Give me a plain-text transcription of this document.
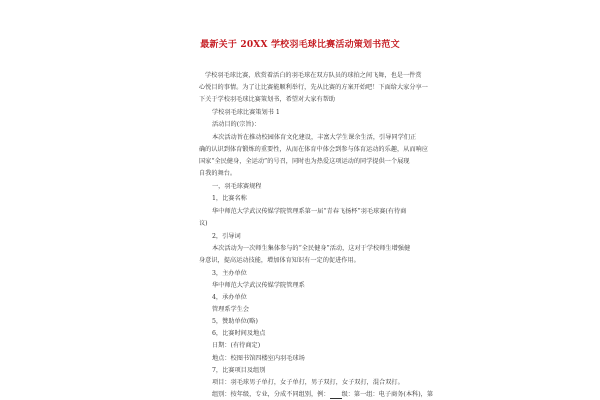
最新关于 20XX 学校羽毛球比赛活动策划书范文
学校羽毛球比赛，欣赏着活白的羽毛球在双方队员的球拍之间飞舞，也是一件赏
心悦目的事情。为了让比赛能顺利举行，先从比赛的方案开始吧！下面给大家分享一
下关于学校羽毛球比赛策划书，希望对大家有帮助
学校羽毛球比赛策划书 1
活动目的(宗旨)：
本次活动旨在推动校园体育文化建设，丰富大学生课余生活，引导同学们正
确的认识到体育锻炼的重要性，从而在体育中体会到参与体育运动的乐趣，从而响应
国家“全民健身，全运动”的号召，同时也为热爱这项运动的同学提供一个展现
自我的舞台。
一，羽毛球赛规程
1，比赛名称
华中师范大学武汉传媒学院管理系第一届“青春飞扬杯”羽毛球赛(有待商
议)
2，引导词
本次活动为一次师生集体参与的“全民健身”活动，这对于学校师生增强健
身意识，提高运动技能，增加体育知识有一定的促进作用。
3，主办单位
华中师范大学武汉传媒学院管理系
4，承办单位
管理系学生会
5，赞助单位(略)
6，比赛时间及地点
日期：(有待商定)
地点：校图书馆四楼室内羽毛球场
7，比赛项目及组别
项目：羽毛球男子单打，女子单打，男子双打，女子双打，混合双打。
组别：按年级，专业，分成不同组别，例： 级：第一组：电子商务(本科)，第
